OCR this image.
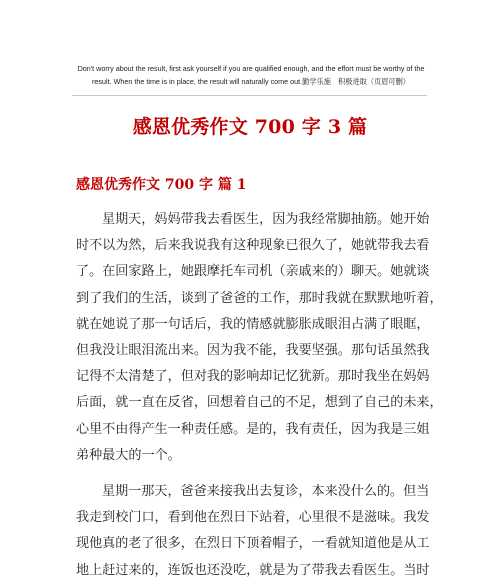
Don't worry about the result, first ask yourself if you are qualified enough, and the effort must be worthy of the
result. When the time is in place, the result will naturally come out.勤学乐施　积极进取（页眉可删）
感恩优秀作文 700 字 3 篇
感恩优秀作文 700 字 篇 1
星期天，妈妈带我去看医生，因为我经常脚抽筋。她开始
时不以为然，后来我说我有这种现象已很久了，她就带我去看
了。在回家路上，她跟摩托车司机（亲戚来的）聊天。她就谈
到了我们的生活，谈到了爸爸的工作，那时我就在默默地听着，
就在她说了那一句话后，我的情感就膨胀成眼泪占满了眼眶，
但我没让眼泪流出来。因为我不能，我要坚强。那句话虽然我
记得不太清楚了，但对我的影响却记忆犹新。那时我坐在妈妈
后面，就一直在反省，回想着自己的不足，想到了自己的未来，
心里不由得产生一种责任感。是的，我有责任，因为我是三姐
弟种最大的一个。
星期一那天，爸爸来接我出去复诊，本来没什么的。但当
我走到校门口，看到他在烈日下站着，心里很不是滋味。我发
现他真的老了很多，在烈日下顶着帽子，一看就知道他是从工
地上赶过来的，连饭也还没吃，就是为了带我去看医生。当时
